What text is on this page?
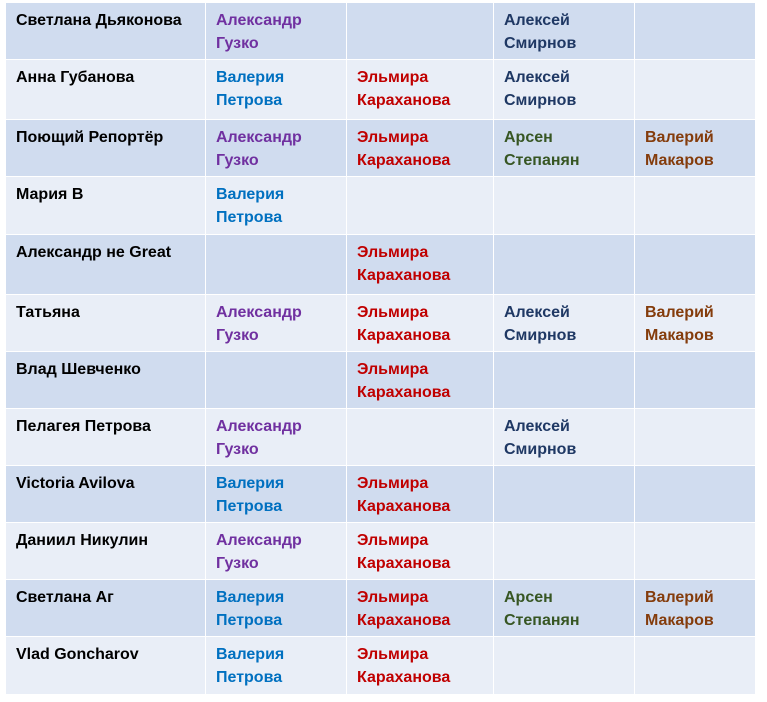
Светлана Дьяконова	Александр
Гузко		Алексей
Смирнов	

Анна Губанова	Валерия
Петрова	Эльмира
Караханова	Алексей
Смирнов	

Поющий Репортёр	Александр
Гузко	Эльмира
Караханова	Арсен
Степанян	Валерий
Макаров

Мария В	Валерия
Петрова			

Александр не Great		Эльмира
Караханова		

Татьяна	Александр
Гузко	Эльмира
Караханова	Алексей
Смирнов	Валерий
Макаров

Влад Шевченко		Эльмира
Караханова		

Пелагея Петрова	Александр
Гузко		Алексей
Смирнов	

Victoria Avilova	Валерия
Петрова	Эльмира
Караханова		

Даниил Никулин	Александр
Гузко	Эльмира
Караханова		

Светлана Аг	Валерия
Петрова	Эльмира
Караханова	Арсен
Степанян	Валерий
Макаров

Vlad Goncharov	Валерия
Петрова	Эльмира
Караханова		
